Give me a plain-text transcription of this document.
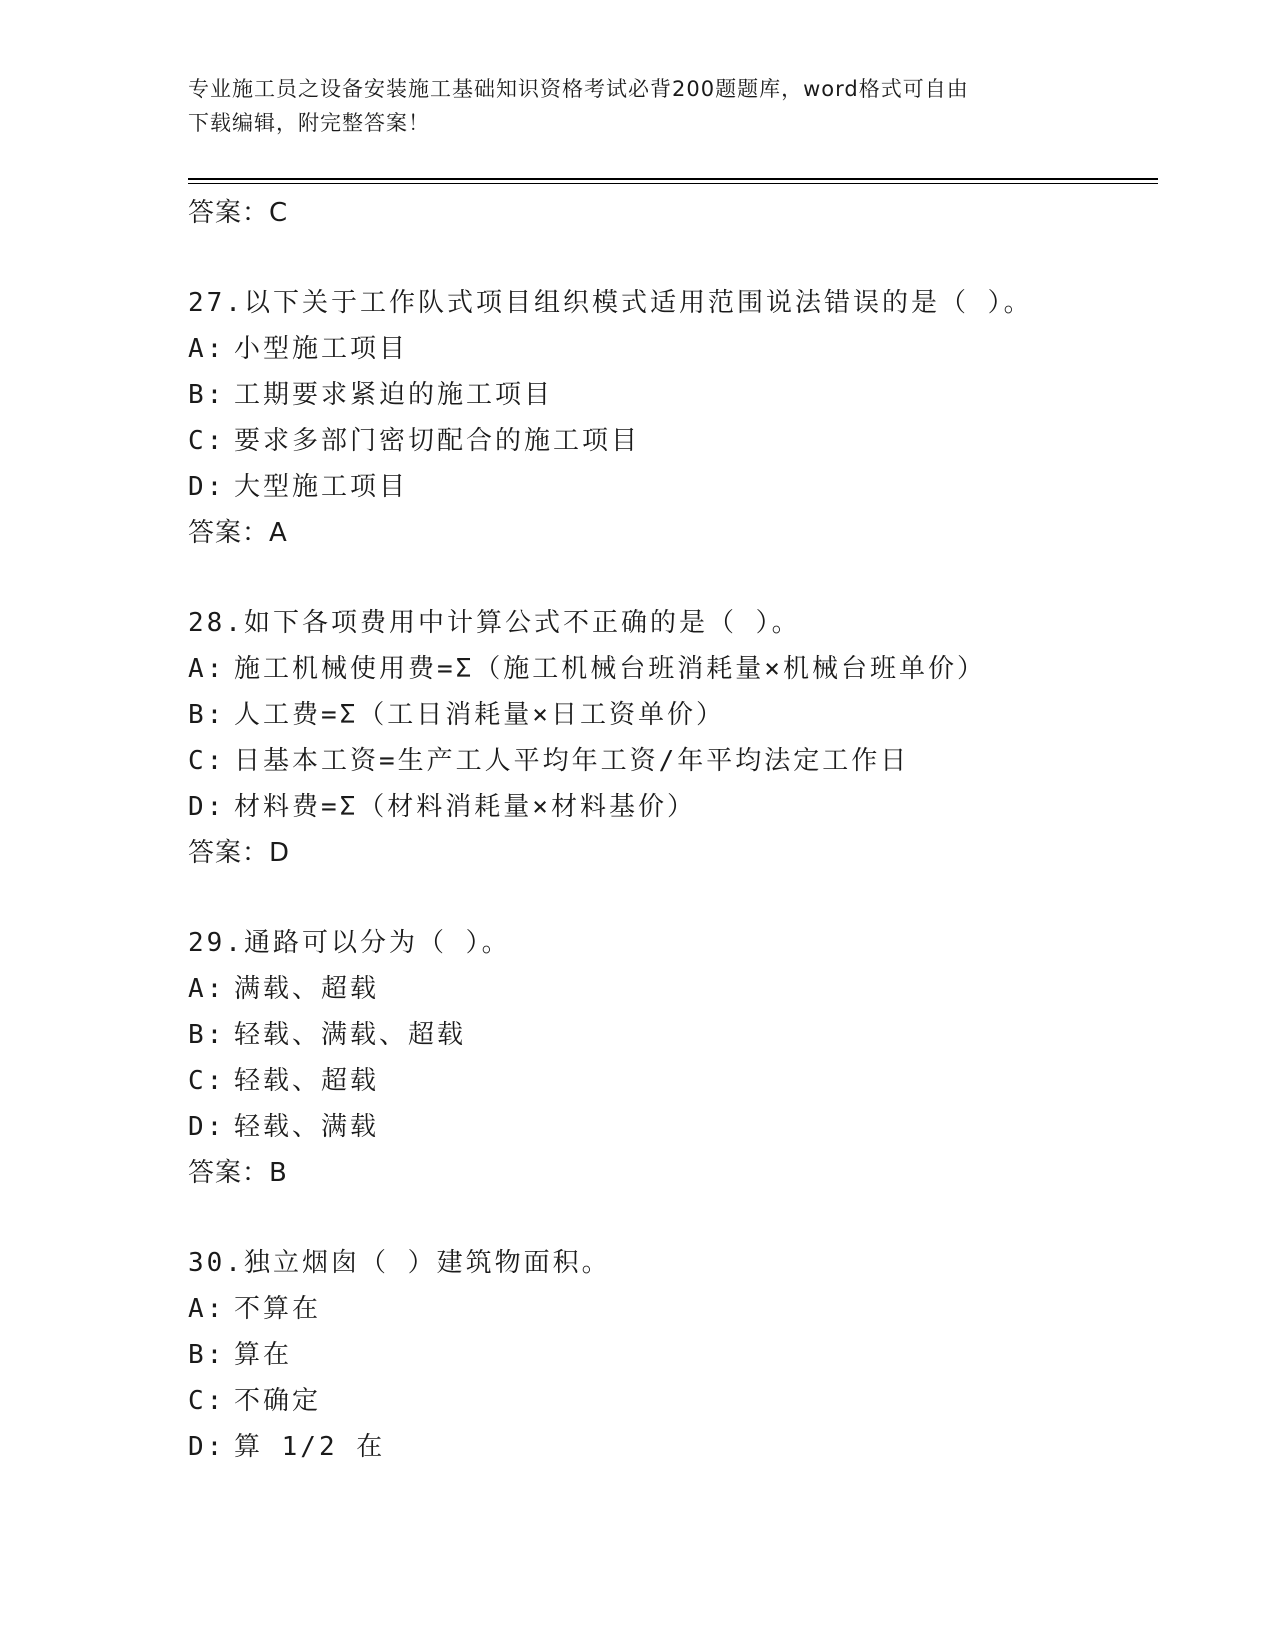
专业施工员之设备安装施工基础知识资格考试必背200题题库，word格式可自由
下载编辑，附完整答案！
答案：C
27.以下关于工作队式项目组织模式适用范围说法错误的是（ ）。
A: 小型施工项目
B: 工期要求紧迫的施工项目
C: 要求多部门密切配合的施工项目
D: 大型施工项目
答案：A
28.如下各项费用中计算公式不正确的是（ ）。
A: 施工机械使用费=Σ（施工机械台班消耗量×机械台班单价）
B: 人工费=Σ（工日消耗量×日工资单价）
C: 日基本工资=生产工人平均年工资/年平均法定工作日
D: 材料费=Σ（材料消耗量×材料基价）
答案：D
29.通路可以分为（ ）。
A: 满载、超载
B: 轻载、满载、超载
C: 轻载、超载
D: 轻载、满载
答案：B
30.独立烟囱（ ）建筑物面积。
A: 不算在
B: 算在
C: 不确定
D: 算 1/2 在
